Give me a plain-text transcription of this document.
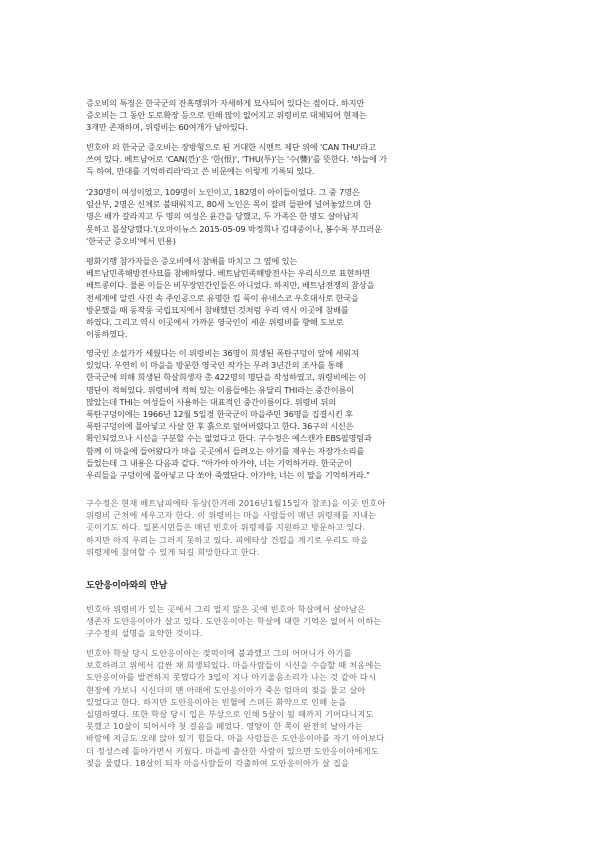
증오비의 특징은 한국군의 잔혹행위가 자세하게 묘사되어 있다는 점이다. 하지만
증오비는 그 동안 도로확장 등으로 인해 많이 없어지고 위령비로 대체되어 현재는
3개만 존재하며, 위령비는 60여개가 남아있다.

빈호아 의 한국군 증오비는 장방형으로 된 거대한 시멘트 제단 위에 'CAN THU'라고
쓰여 있다. 베트남어로 'CAN(깐)'은 '한(恨)', 'THU(투)'는 '수(讐)'를 뜻한다. '하늘에 가
득 하여, 만대를 기억하리라'라고 쓴 비문에는 이렇게 기록되 있다.

'230명이 여성이었고, 109명이 노인이고, 182명이 아이들이었다. 그 중 7명은
임산부, 2명은 신체로 불태워지고, 80세 노인은 목이 잘려 들판에 널어놓았으며 한
명은 배가 갈라지고 두 명의 여성은 윤간을 당했고, 두 가족은 한 명도 살아남지
못하고 몰살당했다.'(오마이뉴스 2015-05-09 박정희나 김대중이나, 봉수록 부끄러운
'한국군 증오비'에서 인용)

평화기행 참가자들은 증오비에서 참배를 마치고 그 옆에 있는
베트남민족해방전사묘를 참배하였다. 베트남민족해방전사는 우리식으로 표현하면
베트콩이다. 물론 이들은 비무장민간인들은 아니었다. 하지만, 베트남전쟁의 참상을
전세계에 알린 사진 속 주인공으로 유명한 킴 푹이 유네스코 우호대사로 한국을
방문했을 때 동작동 국립묘지에서 참배했던 것처럼 우리 역시 이곳에 참배를
하였다. 그리고 역시 이곳에서 가까운 영국인이 세운 위령비를 향해 도보로
이동하였다.

영국인 소설가가 세웠다는 이 위령비는 36명이 희생된 폭탄구덩이 앞에 세워져
있었다. 우연히 이 마을을 방문한 영국인 작가는 무려 3년간의 조사를 통해
한국군에 의해 희생된 학살희생자 총 422명의 명단을 작성하였고, 위령비에는 이
명단이 적혀있다. 위령비에 적혀 있는 이름들에는 유달리 THI라는 중간이름이
많았는데 THI는 여성들이 사용하는 대표적인 중간이름이다. 위령비 뒤의
폭탄구덩이에는 1966년 12월 5일경 한국군이 마을주민 36명을 집결시킨 후
폭탄구덩이에 몰아넣고 사살 한 후 흙으로 덮어버렸다고 한다. 36구의 시신은
확인되었으나 시신을 구분할 수는 없었다고 한다. 구수정은 예스캔가 EBS필명팀과
함께 이 마을에 들어왔다가 마을 곳곳에서 들려오는 아기를 재우는 자장가소리를
들었는데 그 내용은 다음과 같다. "아가야 아가야, 너는 기억하거라. 한국군이
우리들을 구덩이에 몰아넣고 다 쏘아 죽였단다. 아가야, 너는 이 말을 기억하거라."

구수정은 현재 베트남피에타 동상(한겨레 2016년1월15일자 참조)을 이곳 빈호아
위령비 근처에 세우고자 한다. 이 위령비는 마을 사람들이 매년 위령제를 지내는
곳이기도 하다. 일본시민들은 매년 빈호아 위령제를 지원하고 방문하고 있다.
하지만 아직 우리는 그러지 못하고 있다. 피에타상 건립을 계기로 우리도 마을
위령제에 참여할 수 있게 되길 희망한다고 한다.

도안응이아와의 만남

빈호아 위령비가 있는 곳에서 그리 멀지 않은 곳에 빈호아 학살에서 살아남은
생존자 도안응이아가 살고 있다. 도안응이아는 학살에 대한 기억은 없어서 이하는
구수정의 설명을 요약한 것이다.

빈호아 학살 당시 도안응이아는 젖먹이에 불과했고 그의 어머니가 아기를
보호하려고 위에서 감싼 채 희생되었다. 마을사람들이 시신을 수습할 때 처음에는
도안응이아를 발견하지 못했다가 3일이 지나 아기울음소리가 나는 것 같아 다시
현장에 가보니 시신더미 맨 아래에 도안응이아가 죽은 엄마의 젖을 물고 살아
있었다고 한다. 하지만 도안응이아는 빈혈에 스며든 화약으로 인해 눈을
실명하였다. 또한 학살 당시 입은 부상으로 인해 5살이 될 때까지 기어다니지도
못했고 10살이 되어서야 첫 걸음을 떼었다. 영양이 한 쪽이 완전히 날아가는
바람에 지금도 오래 앉아 있기 힘들다. 마을 사람들은 도안응이아를 자기 아이보다
더 정성스레 돌아가면서 키웠다. 마을에 출산한 사람이 있으면 도안응이아에게도
젖을 물렸다. 18살이 되자 마을사람들이 각출하여 도안응이아가 살 집을
